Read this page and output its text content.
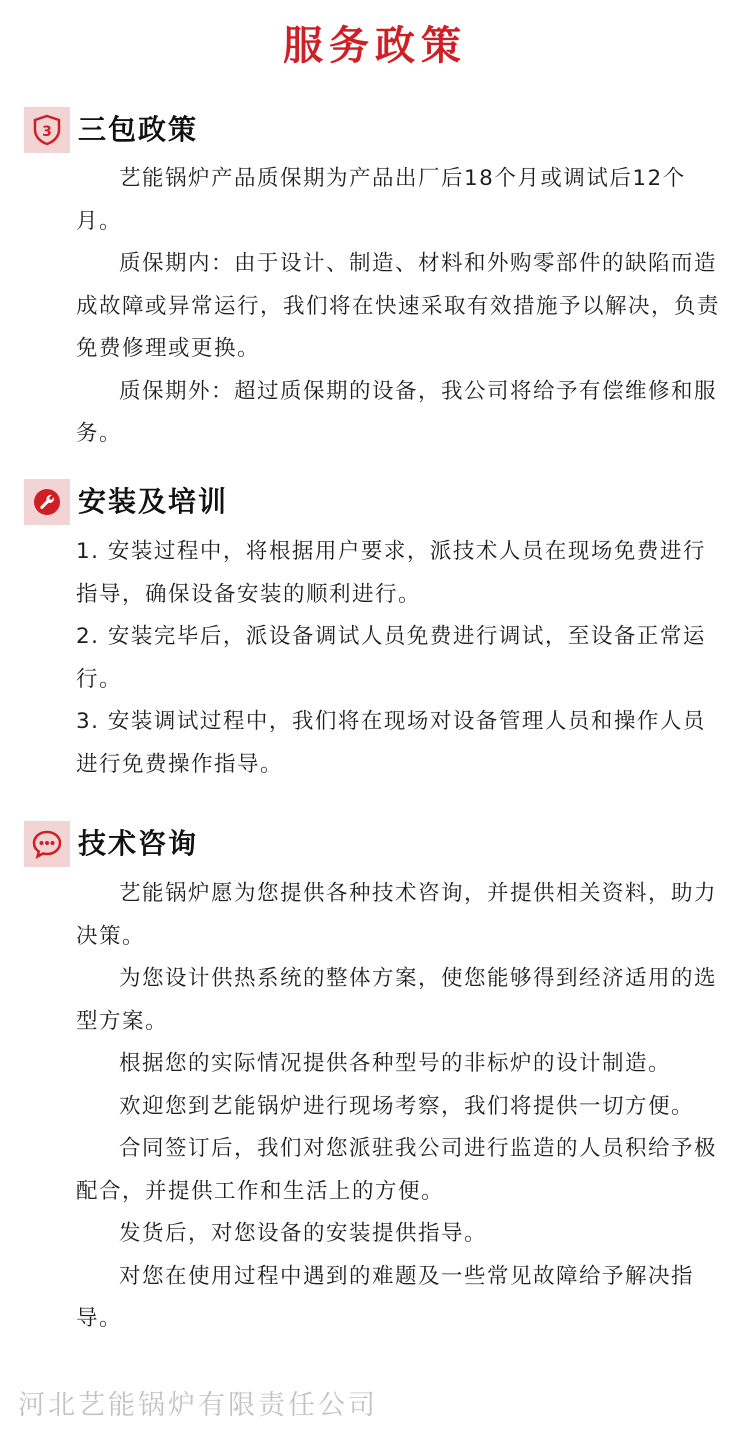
服务政策
3 三包政策

艺能锅炉产品质保期为产品出厂后18个月或调试后12个月。

质保期内：由于设计、制造、材料和外购零部件的缺陷而造成故障或异常运行，我们将在快速采取有效措施予以解决，负责免费修理或更换。

质保期外：超过质保期的设备，我公司将给予有偿维修和服务。

安装及培训

1. 安装过程中，将根据用户要求，派技术人员在现场免费进行指导，确保设备安装的顺利进行。

2. 安装完毕后，派设备调试人员免费进行调试，至设备正常运行。

3. 安装调试过程中，我们将在现场对设备管理人员和操作人员进行免费操作指导。

技术咨询

艺能锅炉愿为您提供各种技术咨询，并提供相关资料，助力决策。

为您设计供热系统的整体方案，使您能够得到经济适用的选型方案。

根据您的实际情况提供各种型号的非标炉的设计制造。

欢迎您到艺能锅炉进行现场考察，我们将提供一切方便。

合同签订后，我们对您派驻我公司进行监造的人员积给予极配合，并提供工作和生活上的方便。

发货后，对您设备的安装提供指导。

对您在使用过程中遇到的难题及一些常见故障给予解决指导。

河北艺能锅炉有限责任公司
